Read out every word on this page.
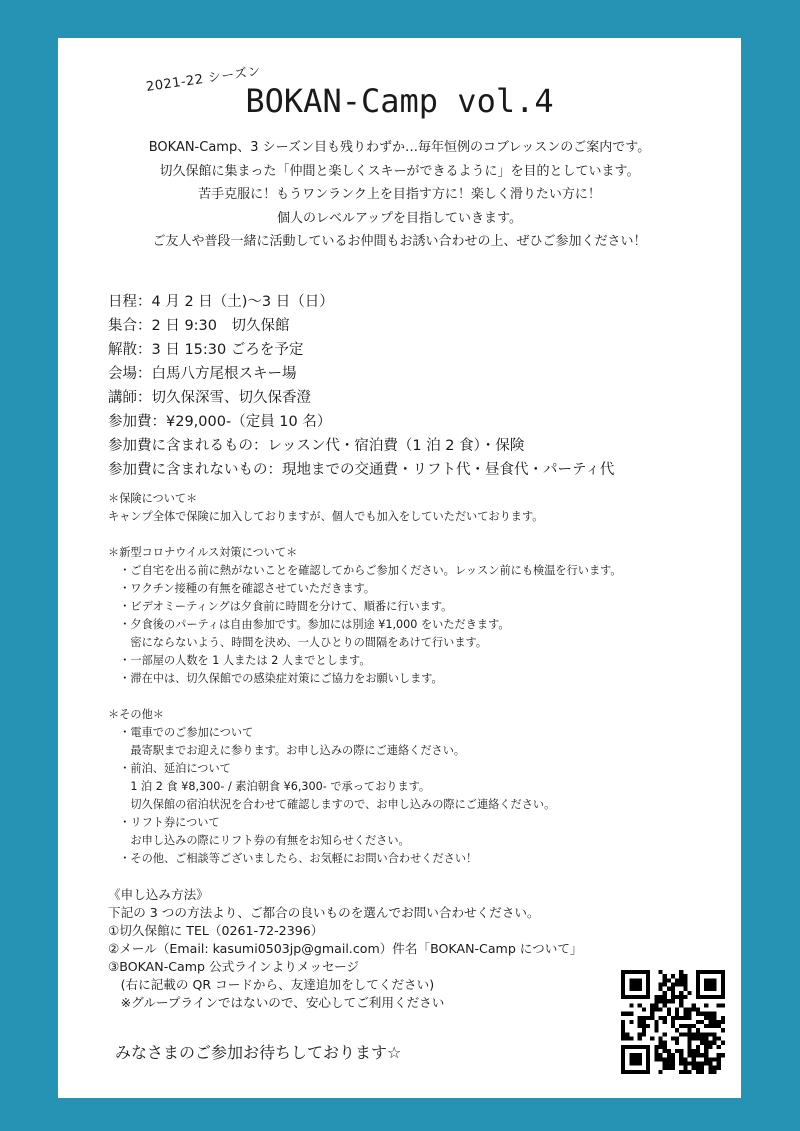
2021-22 シーズン
BOKAN-Camp vol.4
BOKAN-Camp、3 シーズン目も残りわずか…毎年恒例のコブレッスンのご案内です。
切久保館に集まった「仲間と楽しくスキーができるように」を目的としています。
苦手克服に！もうワンランク上を目指す方に！楽しく滑りたい方に！
個人のレベルアップを目指していきます。
ご友人や普段一緒に活動しているお仲間もお誘い合わせの上、ぜひご参加ください！
日程：4 月 2 日（土)〜3 日（日）
集合：2 日 9:30　切久保館
解散：3 日 15:30 ごろを予定
会場：白馬八方尾根スキー場
講師：切久保深雪、切久保香澄
参加費：¥29,000-（定員 10 名）
参加費に含まれるもの：レッスン代・宿泊費（1 泊 2 食）・保険
参加費に含まれないもの：現地までの交通費・リフト代・昼食代・パーティ代
＊保険について＊
キャンプ全体で保険に加入しておりますが、個人でも加入をしていただいております。
＊新型コロナウイルス対策について＊
　・ご自宅を出る前に熱がないことを確認してからご参加ください。レッスン前にも検温を行います。
　・ワクチン接種の有無を確認させていただきます。
　・ビデオミーティングは夕食前に時間を分けて、順番に行います。
　・夕食後のパーティは自由参加です。参加には別途 ¥1,000 をいただきます。
　　密にならないよう、時間を決め、一人ひとりの間隔をあけて行います。
　・一部屋の人数を 1 人または 2 人までとします。
　・滞在中は、切久保館での感染症対策にご協力をお願いします。
＊その他＊
　・電車でのご参加について
　　最寄駅までお迎えに参ります。お申し込みの際にご連絡ください。
　・前泊、延泊について
　　1 泊 2 食 ¥8,300- / 素泊朝食 ¥6,300- で承っております。
　　切久保館の宿泊状況を合わせて確認しますので、お申し込みの際にご連絡ください。
　・リフト券について
　　お申し込みの際にリフト券の有無をお知らせください。
　・その他、ご相談等ございましたら、お気軽にお問い合わせください！
《申し込み方法》
下記の 3 つの方法より、ご都合の良いものを選んでお問い合わせください。
①切久保館に TEL（0261-72-2396）
②メール（Email: kasumi0503jp@gmail.com）件名「BOKAN-Camp について」
③BOKAN-Camp 公式ラインよりメッセージ
　(右に記載の QR コードから、友達追加をしてください)
　※グループラインではないので、安心してご利用ください
みなさまのご参加お待ちしております☆
